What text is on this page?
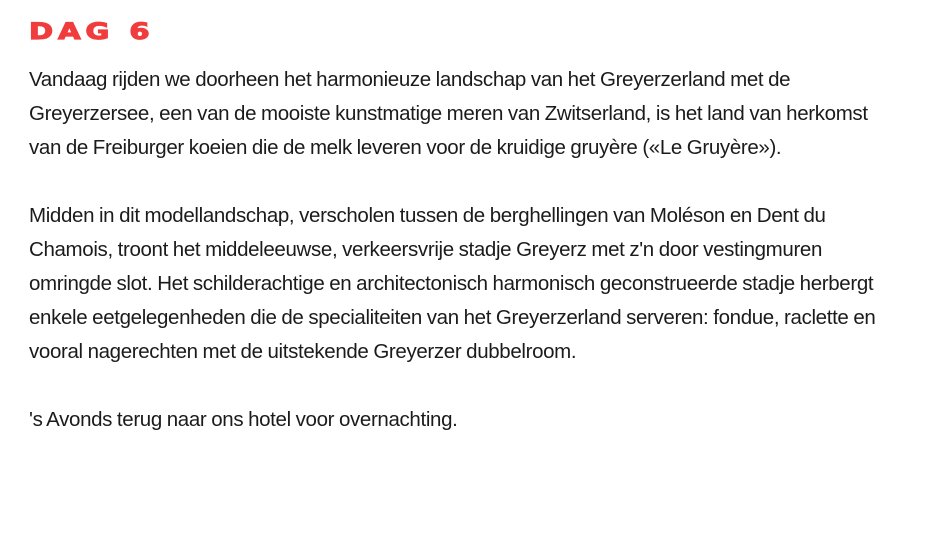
DAG 6

Vandaag rijden we doorheen het harmonieuze landschap van het Greyerzerland met de
Greyerzersee, een van de mooiste kunstmatige meren van Zwitserland, is het land van herkomst
van de Freiburger koeien die de melk leveren voor de kruidige gruyère («Le Gruyère»).

Midden in dit modellandschap, verscholen tussen de berghellingen van Moléson en Dent du
Chamois, troont het middeleeuwse, verkeersvrije stadje Greyerz met z'n door vestingmuren
omringde slot. Het schilderachtige en architectonisch harmonisch geconstrueerde stadje herbergt
enkele eetgelegenheden die de specialiteiten van het Greyerzerland serveren: fondue, raclette en
vooral nagerechten met de uitstekende Greyerzer dubbelroom.

's Avonds terug naar ons hotel voor overnachting.
